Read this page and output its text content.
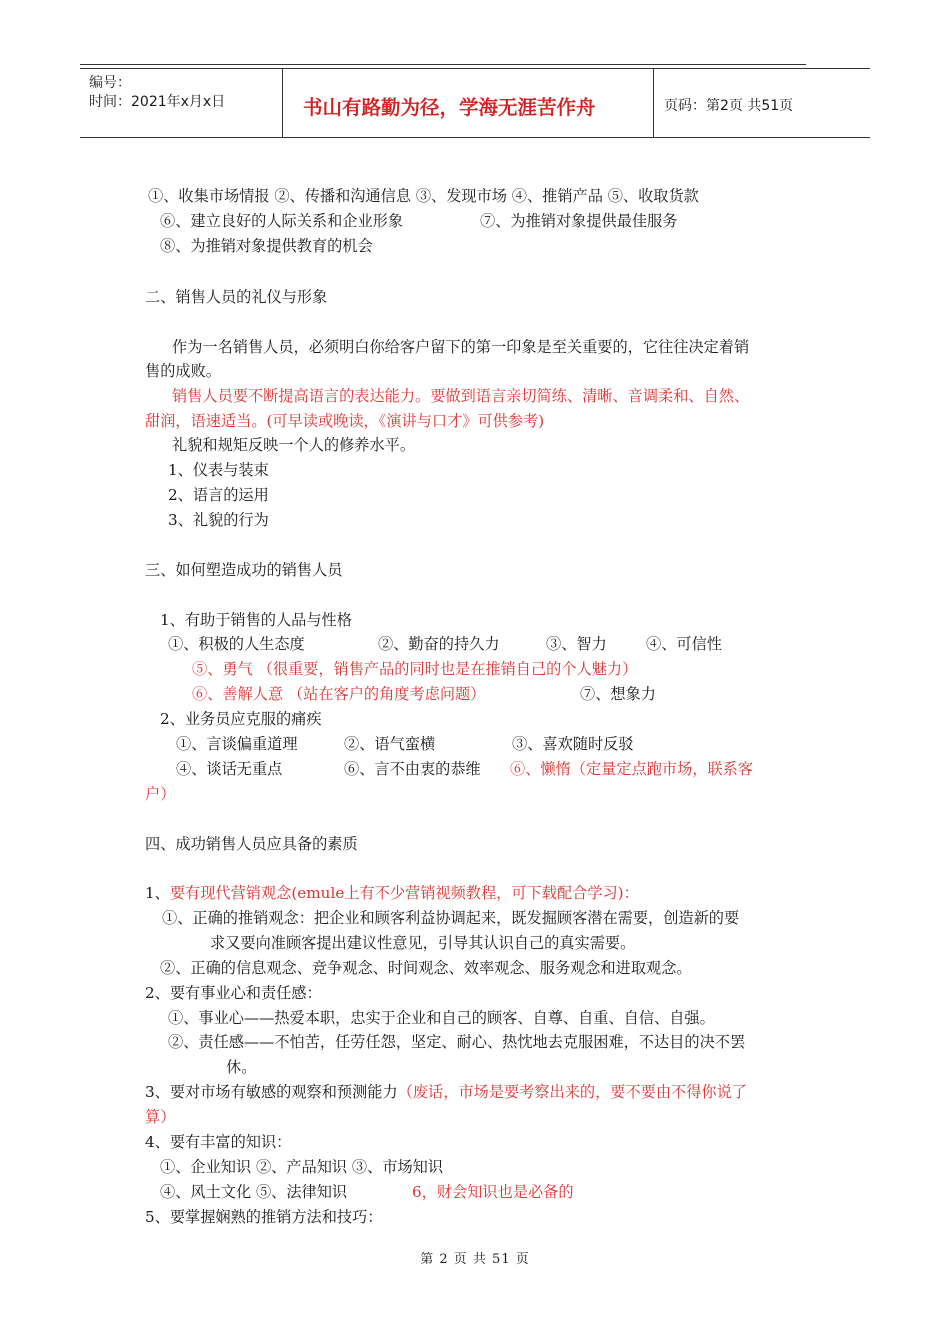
编号：
时间：2021年x月x日	书山有路勤为径，学海无涯苦作舟	页码：第2页 共51页
①、收集市场情报 ②、传播和沟通信息 ③、发现市场 ④、推销产品 ⑤、收取货款
⑥、建立良好的人际关系和企业形象	⑦、为推销对象提供最佳服务
⑧、为推销对象提供教育的机会
二、销售人员的礼仪与形象
作为一名销售人员，必须明白你给客户留下的第一印象是至关重要的，它往往决定着销
售的成败。
销售人员要不断提高语言的表达能力。要做到语言亲切简练、清晰、音调柔和、自然、
甜润，语速适当。(可早读或晚读，《演讲与口才》可供参考)
礼貌和规矩反映一个人的修养水平。
1、仪表与装束
2、语言的运用
3、礼貌的行为
三、如何塑造成功的销售人员
1、有助于销售的人品与性格
①、积极的人生态度	②、勤奋的持久力	③、智力	④、可信性
⑤、勇气 （很重要，销售产品的同时也是在推销自己的个人魅力）
⑥、善解人意 （站在客户的角度考虑问题）	⑦、想象力
2、业务员应克服的痛疾
①、言谈偏重道理	②、语气蛮横	③、喜欢随时反驳
④、谈话无重点	⑥、言不由衷的恭维 ⑥、懒惰（定量定点跑市场，联系客
户）
四、成功销售人员应具备的素质
1、要有现代营销观念(emule上有不少营销视频教程，可下载配合学习)：
①、正确的推销观念：把企业和顾客利益协调起来，既发掘顾客潜在需要，创造新的要
求又要向准顾客提出建议性意见，引导其认识自己的真实需要。
②、正确的信息观念、竞争观念、时间观念、效率观念、服务观念和进取观念。
2、要有事业心和责任感：
①、事业心——热爱本职，忠实于企业和自己的顾客、自尊、自重、自信、自强。
②、责任感——不怕苦，任劳任怨，坚定、耐心、热忱地去克服困难，不达目的决不罢
休。
3、要对市场有敏感的观察和预测能力（废话，市场是要考察出来的，要不要由不得你说了
算）
4、要有丰富的知识：
①、企业知识 ②、产品知识 ③、市场知识
④、风土文化 ⑤、法律知识	6，财会知识也是必备的
5、要掌握娴熟的推销方法和技巧：
第 2 页 共 51 页
